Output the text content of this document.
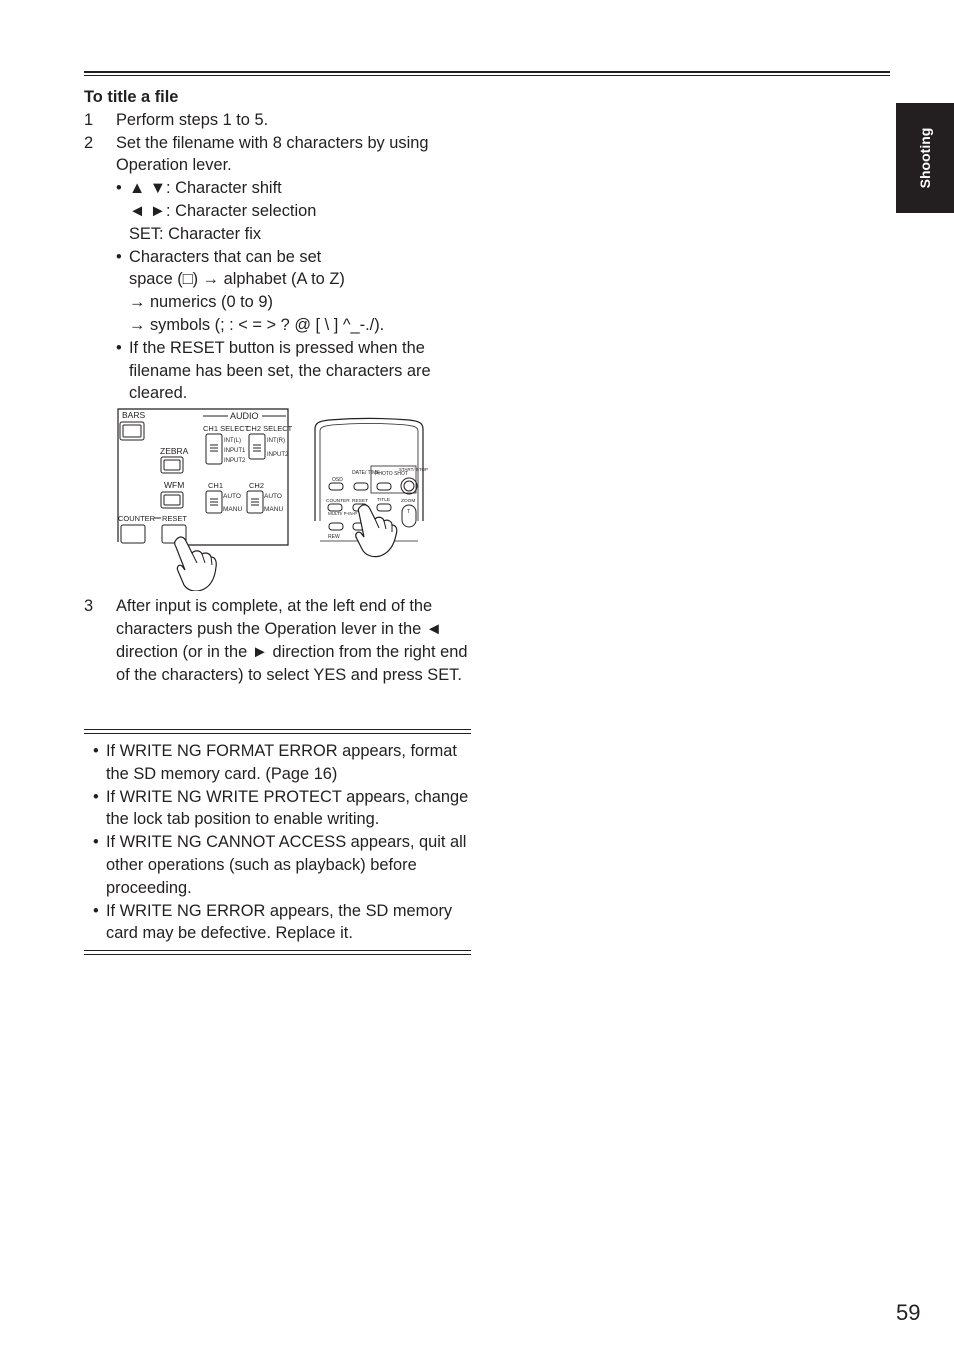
Shooting

To title a file

1 Perform steps 1 to 5.
2 Set the filename with 8 characters by using Operation lever.
• ▲ ▼: Character shift
◄ ►: Character selection
SET: Character fix
• Characters that can be set
space (□) → alphabet (A to Z)
→ numerics (0 to 9)
→ symbols (; : < = > ? @ [ \ ] ^_-./).
• If the RESET button is pressed when the filename has been set, the characters are cleared.
BARS	AUDIO
CH1 SELECT
CH2 SELECT
INT(L)
INPUT1
INPUT2
INT(R)
INPUT2
ZEBRA
WFM	CH1	CH2
AUTO
MANU
AUTO
MANU
COUNTER RESET
OSD
DATE/ TIME
PHOTO SHOT
START/ STOP
COUNTER RESET TITLE ZOOM
T
MULTI/ P-IN-P
REW
3 After input is complete, at the left end of the characters push the Operation lever in the ◄ direction (or in the ► direction from the right end of the characters) to select YES and press SET.
• If WRITE NG FORMAT ERROR appears, format the SD memory card. (Page 16)
• If WRITE NG WRITE PROTECT appears, change the lock tab position to enable writing.
• If WRITE NG CANNOT ACCESS appears, quit all other operations (such as playback) before proceeding.
• If WRITE NG ERROR appears, the SD memory card may be defective. Replace it.
59
